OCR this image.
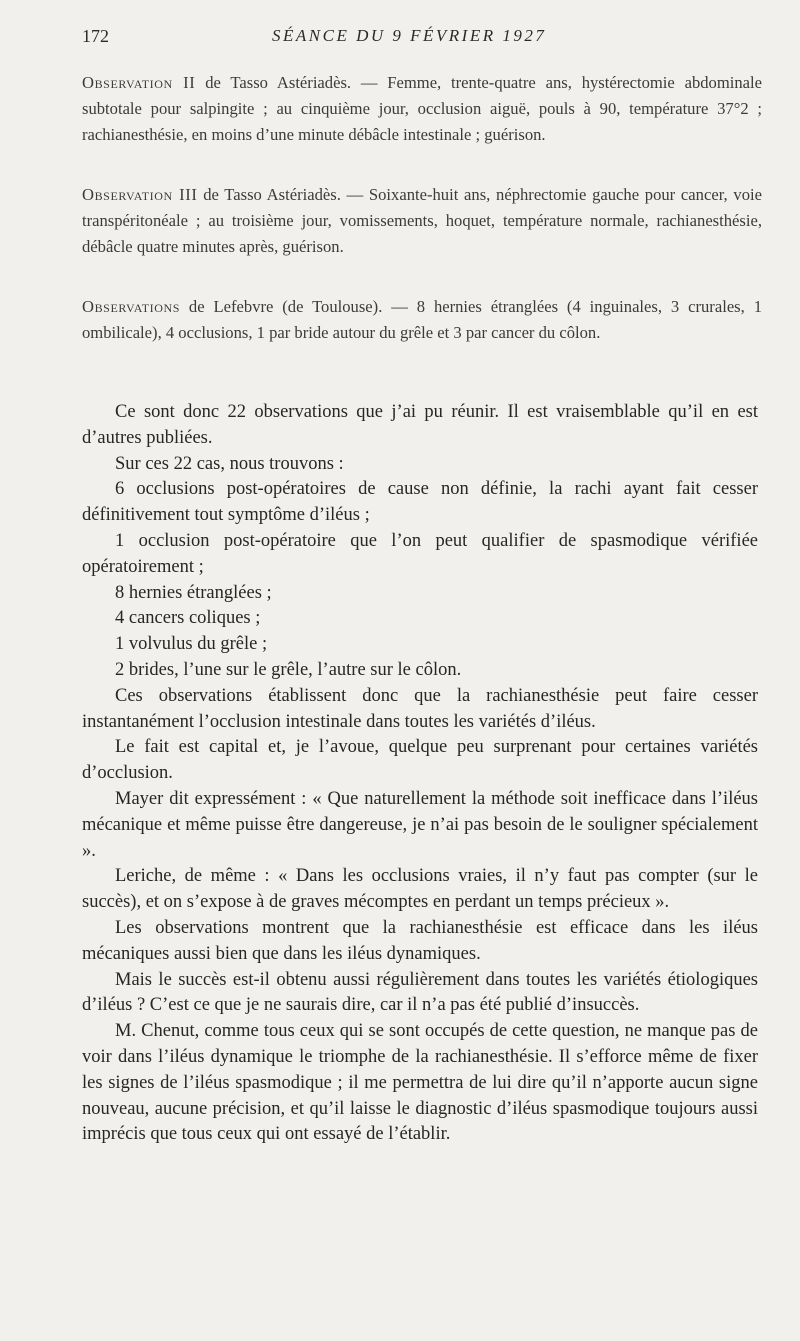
172	SÉANCE DU 9 FÉVRIER 1927
Observation II de Tasso Astériadès. — Femme, trente-quatre ans, hystérectomie abdominale subtotale pour salpingite ; au cinquième jour, occlusion aiguë, pouls à 90, température 37°2 ; rachianesthésie, en moins d’une minute débâcle intestinale ; guérison.
Observation III de Tasso Astériadès. — Soixante-huit ans, néphrectomie gauche pour cancer, voie transpéritonéale ; au troisième jour, vomissements, hoquet, température normale, rachianesthésie, débâcle quatre minutes après, guérison.
Observations de Lefebvre (de Toulouse). — 8 hernies étranglées (4 inguinales, 3 crurales, 1 ombilicale), 4 occlusions, 1 par bride autour du grêle et 3 par cancer du côlon.

Ce sont donc 22 observations que j’ai pu réunir. Il est vraisemblable qu’il en est d’autres publiées.

Sur ces 22 cas, nous trouvons :

6 occlusions post-opératoires de cause non définie, la rachi ayant fait cesser définitivement tout symptôme d’iléus ;

1 occlusion post-opératoire que l’on peut qualifier de spasmodique vérifiée opératoirement ;

8 hernies étranglées ;

4 cancers coliques ;

1 volvulus du grêle ;

2 brides, l’une sur le grêle, l’autre sur le côlon.

Ces observations établissent donc que la rachianesthésie peut faire cesser instantanément l’occlusion intestinale dans toutes les variétés d’iléus.

Le fait est capital et, je l’avoue, quelque peu surprenant pour certaines variétés d’occlusion.

Mayer dit expressément : « Que naturellement la méthode soit inefficace dans l’iléus mécanique et même puisse être dangereuse, je n’ai pas besoin de le souligner spécialement ».

Leriche, de même : « Dans les occlusions vraies, il n’y faut pas compter (sur le succès), et on s’expose à de graves mécomptes en perdant un temps précieux ».

Les observations montrent que la rachianesthésie est efficace dans les iléus mécaniques aussi bien que dans les iléus dynamiques.

Mais le succès est-il obtenu aussi régulièrement dans toutes les variétés étiologiques d’iléus ? C’est ce que je ne saurais dire, car il n’a pas été publié d’insuccès.

M. Chenut, comme tous ceux qui se sont occupés de cette question, ne manque pas de voir dans l’iléus dynamique le triomphe de la rachianesthésie. Il s’efforce même de fixer les signes de l’iléus spasmodique ; il me permettra de lui dire qu’il n’apporte aucun signe nouveau, aucune précision, et qu’il laisse le diagnostic d’iléus spasmodique toujours aussi imprécis que tous ceux qui ont essayé de l’établir.
